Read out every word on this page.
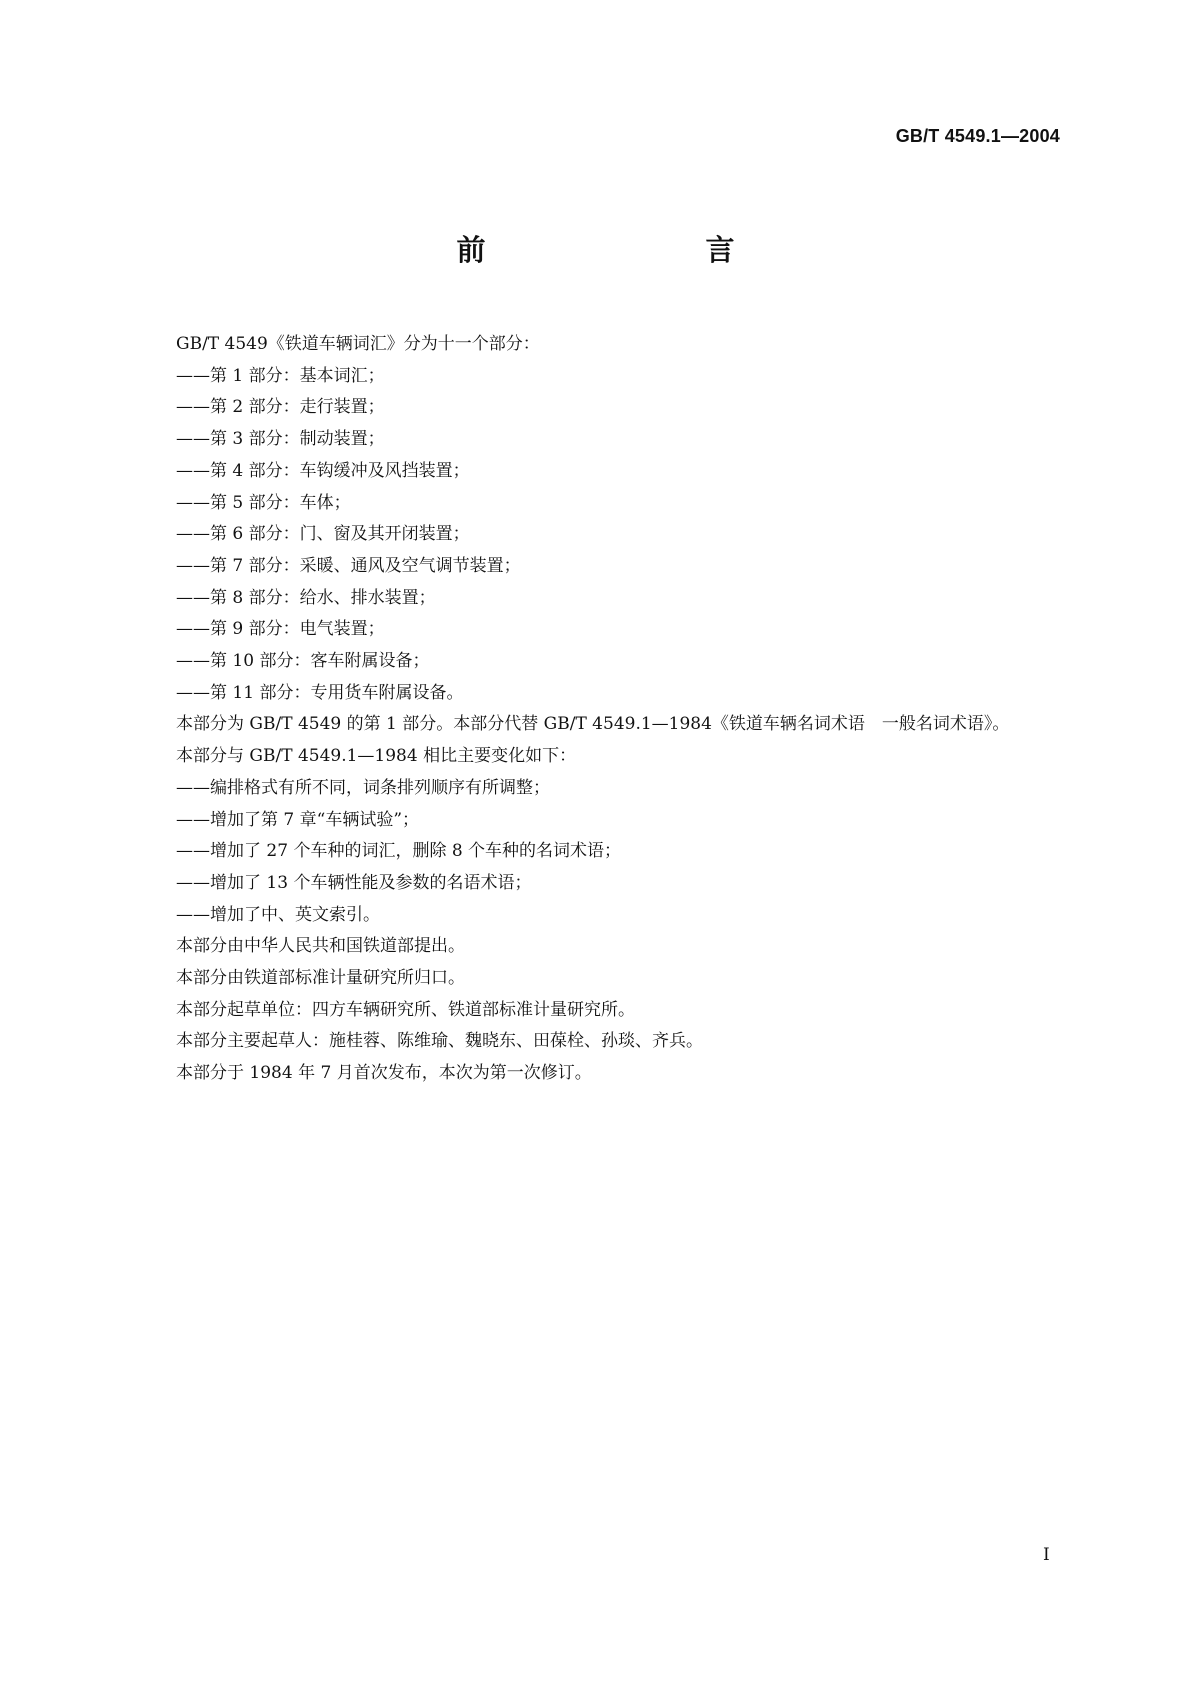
GB/T 4549.1—2004
前　　言
GB/T 4549《铁道车辆词汇》分为十一个部分：
——第 1 部分：基本词汇；
——第 2 部分：走行装置；
——第 3 部分：制动装置；
——第 4 部分：车钩缓冲及风挡装置；
——第 5 部分：车体；
——第 6 部分：门、窗及其开闭装置；
——第 7 部分：采暖、通风及空气调节装置；
——第 8 部分：给水、排水装置；
——第 9 部分：电气装置；
——第 10 部分：客车附属设备；
——第 11 部分：专用货车附属设备。
本部分为 GB/T 4549 的第 1 部分。本部分代替 GB/T 4549.1—1984《铁道车辆名词术语　一般名词术语》。
本部分与 GB/T 4549.1—1984 相比主要变化如下：
——编排格式有所不同，词条排列顺序有所调整；
——增加了第 7 章“车辆试验”；
——增加了 27 个车种的词汇，删除 8 个车种的名词术语；
——增加了 13 个车辆性能及参数的名语术语；
——增加了中、英文索引。
本部分由中华人民共和国铁道部提出。
本部分由铁道部标准计量研究所归口。
本部分起草单位：四方车辆研究所、铁道部标准计量研究所。
本部分主要起草人：施桂蓉、陈维瑜、魏晓东、田葆栓、孙琰、齐兵。
本部分于 1984 年 7 月首次发布，本次为第一次修订。
I
